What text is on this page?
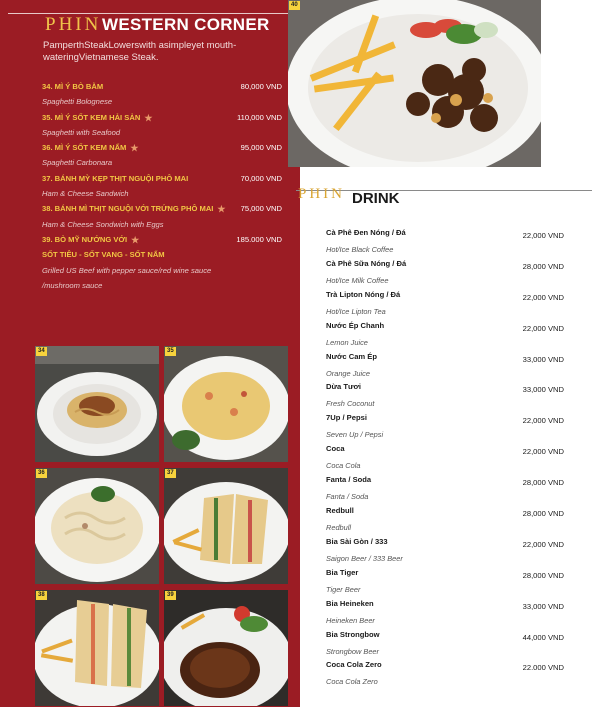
PHIN WESTERN CORNER
PamperthSteakLowerswith asimpleyet mouth-wateringVietnamese Steak.
34. MÌ Ý BÒ BẰM	80,000 VND
Spaghetti Bolognese
35. MÌ Ý SỐT KEM HẢI SẢN ★	110,000 VND
Spaghetti with Seafood
36. MÌ Ý SỐT KEM NẤM ★	95,000 VND
Spaghetti Carbonara
37. BÁNH MỲ KẸP THỊT NGUỘI PHÔ MAI	70,000 VND
Ham & Cheese Sandwich
38. BÁNH MÌ THỊT NGUỘI VỚI TRỨNG PHÔ MAI ★ 75,000 VND
Ham & Cheese Sondwich with Eggs
39. BÒ MỸ NƯỚNG VỚI ★	185.000 VND
SỐT TIÊU - SỐT VANG - SỐT NẤM
Grilled US Beef with pepper sauce/red wine sauce
/mushroom sauce
34	35
36	37
38	39
40
PHIN DRINK
Cà Phê Đen Nóng / Đá	22,000 VND
Hot/Ice Black Coffee
Cà Phê Sữa Nóng / Đá	28,000 VND
Hot/Ice Milk Coffee
Trà Lipton Nóng / Đá	22,000 VND
Hot/Ice Lipton Tea
Nước Ép Chanh	22,000 VND
Lemon Juice
Nước Cam Ép	33,000 VND
Orange Juice
Dừa Tươi	33,000 VND
Fresh Coconut
7Up / Pepsi	22,000 VND
Seven Up / Pepsi
Coca	22,000 VND
Coca Cola
Fanta / Soda	28,000 VND
Fanta / Soda
Redbull	28,000 VND
Redbull
Bia Sài Gòn / 333	22,000 VND
Saigon Beer / 333 Beer
Bia Tiger	28,000 VND
Tiger Beer
Bia Heineken	33,000 VND
Heineken Beer
Bia Strongbow	44,000 VND
Strongbow Beer
Coca Cola Zero	22.000 VND
Coca Cola Zero
